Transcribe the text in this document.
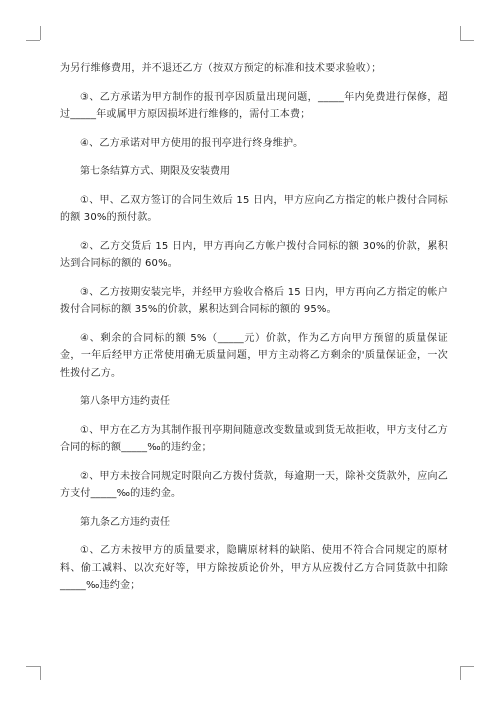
为另行维修费用，并不退还乙方（按双方预定的标准和技术要求验收）；

③、乙方承诺为甲方制作的报刊亭因质量出现问题，_____年内免费进行保修，超过_____年或属甲方原因损坏进行维修的，需付工本费；

④、乙方承诺对甲方使用的报刊亭进行终身维护。

第七条结算方式、期限及安装费用

①、甲、乙双方签订的合同生效后 15 日内，甲方应向乙方指定的帐户拨付合同标的额 30%的预付款。

②、乙方交货后 15 日内，甲方再向乙方帐户拨付合同标的额 30%的价款，累积达到合同标的额的 60%。

③、乙方按期安装完毕，并经甲方验收合格后 15 日内，甲方再向乙方指定的帐户拨付合同标的额 35%的价款，累积达到合同标的额的 95%。

④、剩余的合同标的额 5%（_____元）价款，作为乙方向甲方预留的质量保证金，一年后经甲方正常使用确无质量问题，甲方主动将乙方剩余的'质量保证金，一次性拨付乙方。

第八条甲方违约责任

①、甲方在乙方为其制作报刊亭期间随意改变数量或到货无故拒收，甲方支付乙方合同的标的额_____‰的违约金；

②、甲方未按合同规定时限向乙方拨付货款，每逾期一天，除补交货款外，应向乙方支付_____‰的违约金。

第九条乙方违约责任

①、乙方未按甲方的质量要求，隐瞒原材料的缺陷、使用不符合合同规定的原材料、偷工减料、以次充好等，甲方除按质论价外，甲方从应拨付乙方合同货款中扣除_____‰违约金；
